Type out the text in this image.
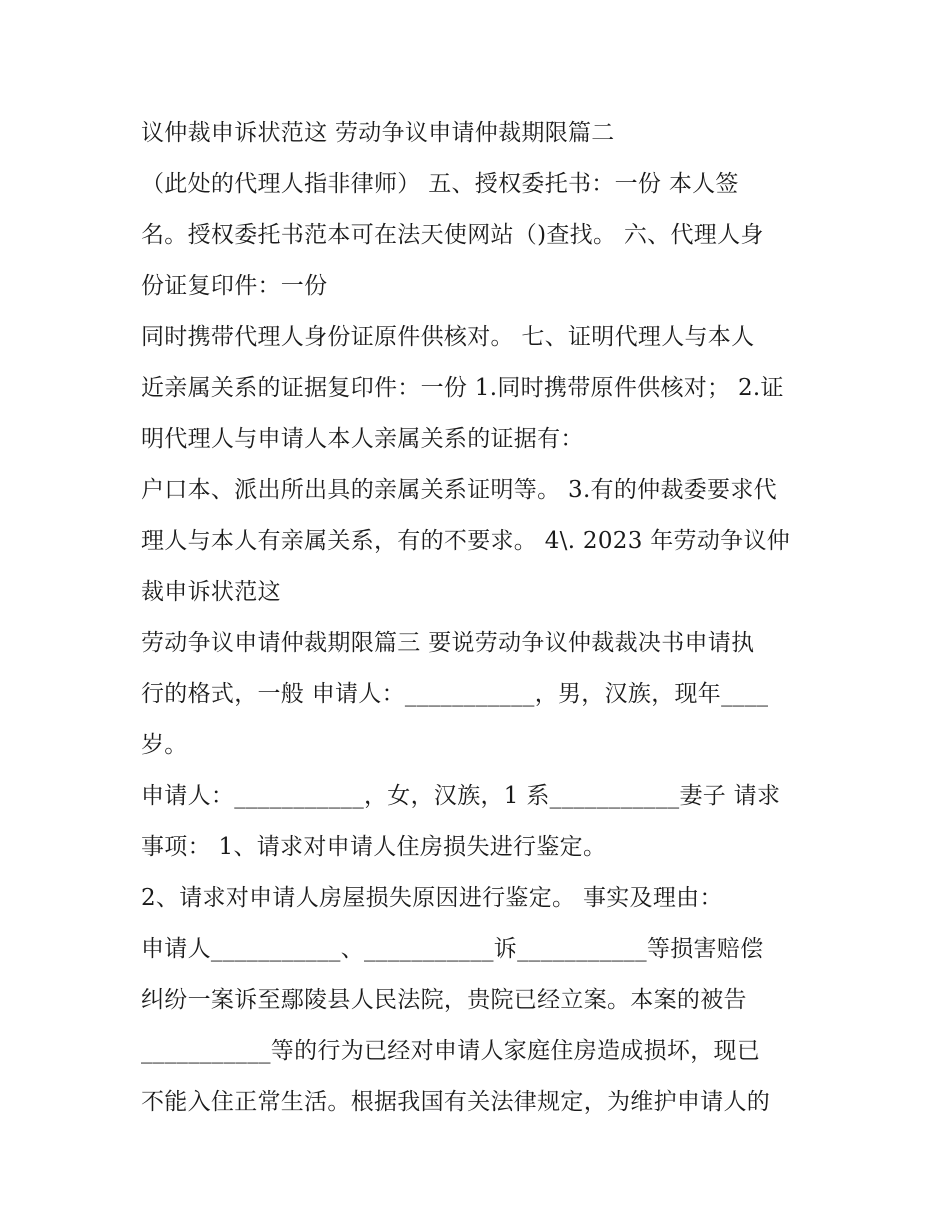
议仲裁申诉状范这 劳动争议申请仲裁期限篇二
（此处的代理人指非律师） 五、授权委托书：一份 本人签
名。授权委托书范本可在法天使网站（)查找。 六、代理人身
份证复印件：一份
同时携带代理人身份证原件供核对。 七、证明代理人与本人
近亲属关系的证据复印件：一份 1.同时携带原件供核对； 2.证
明代理人与申请人本人亲属关系的证据有：
户口本、派出所出具的亲属关系证明等。 3.有的仲裁委要求代
理人与本人有亲属关系，有的不要求。 4\. 2023 年劳动争议仲
裁申诉状范这
劳动争议申请仲裁期限篇三 要说劳动争议仲裁裁决书申请执
行的格式，一般 申请人：___________，男，汉族，现年____
岁。
申请人：___________，女，汉族，1 系___________妻子 请求
事项： 1、请求对申请人住房损失进行鉴定。
2、请求对申请人房屋损失原因进行鉴定。 事实及理由：
申请人___________、___________诉___________等损害赔偿
纠纷一案诉至鄢陵县人民法院，贵院已经立案。本案的被告
___________等的行为已经对申请人家庭住房造成损坏，现已
不能入住正常生活。根据我国有关法律规定，为维护申请人的
